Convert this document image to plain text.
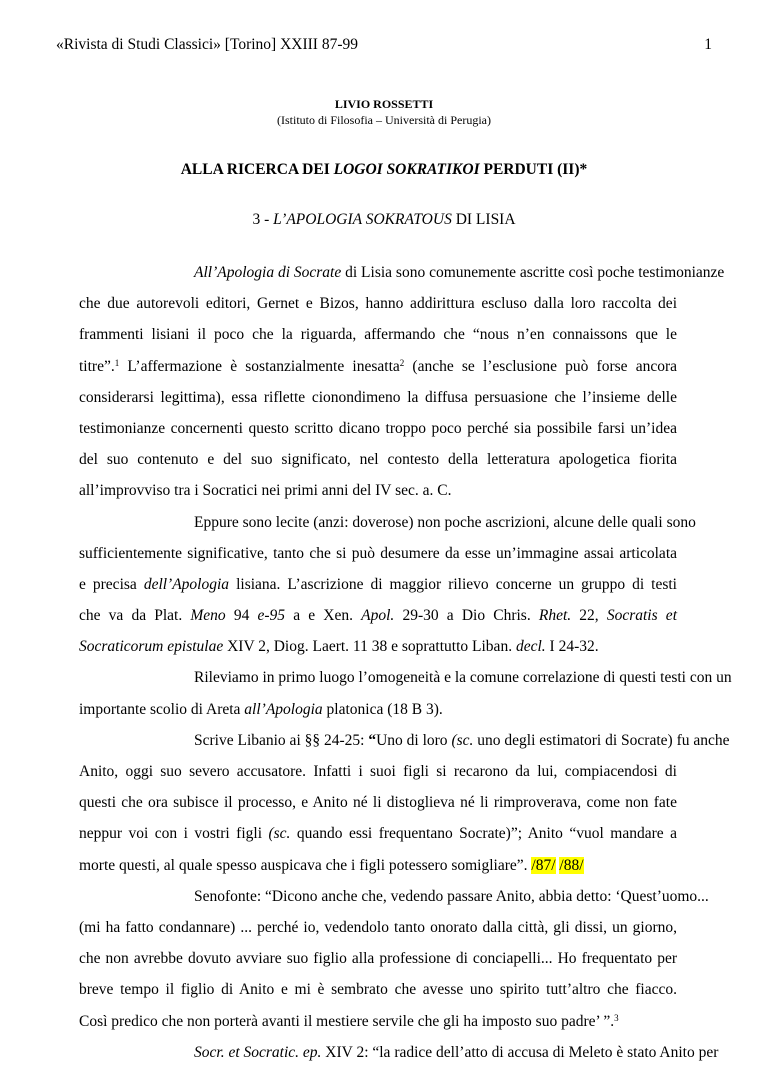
«Rivista di Studi Classici» [Torino] XXIII 87-99	1
LIVIO ROSSETTI
(Istituto di Filosofia – Università di Perugia)
ALLA RICERCA DEI LOGOI SOKRATIKOI PERDUTI (II)*
3 - L’APOLOGIA SOKRATOUS DI LISIA
All’Apologia di Socrate di Lisia sono comunemente ascritte così poche testimonianze
che due autorevoli editori, Gernet e Bizos, hanno addirittura escluso dalla loro raccolta dei
frammenti lisiani il poco che la riguarda, affermando che “nous n’en connaissons que le
titre”.$^1$ L’affermazione è sostanzialmente inesatta$^2$ (anche se l’esclusione può forse ancora
considerarsi legittima), essa riflette cionondimeno la diffusa persuasione che l’insieme delle
testimonianze concernenti questo scritto dicano troppo poco perché sia possibile farsi un’idea
del suo contenuto e del suo significato, nel contesto della letteratura apologetica fiorita
all’improvviso tra i Socratici nei primi anni del IV sec. a. C.
Eppure sono lecite (anzi: doverose) non poche ascrizioni, alcune delle quali sono
sufficientemente significative, tanto che si può desumere da esse un’immagine assai articolata
e precisa dell’Apologia lisiana. L’ascrizione di maggior rilievo concerne un gruppo di testi
che va da Plat. Meno 94 e-95 a e Xen. Apol. 29-30 a Dio Chris. Rhet. 22, Socratis et
Socraticorum epistulae XIV 2, Diog. Laert. 11 38 e soprattutto Liban. decl. I 24-32.
Rileviamo in primo luogo l’omogeneità e la comune correlazione di questi testi con un
importante scolio di Areta all’Apologia platonica (18 B 3).
Scrive Libanio ai §§ 24-25: “Uno di loro (sc. uno degli estimatori di Socrate) fu anche
Anito, oggi suo severo accusatore. Infatti i suoi figli si recarono da lui, compiacendosi di
questi che ora subisce il processo, e Anito né li distoglieva né li rimproverava, come non fate
neppur voi con i vostri figli (sc. quando essi frequentano Socrate)”; Anito “vuol mandare a
morte questi, al quale spesso auspicava che i figli potessero somigliare”. /87/ /88/
Senofonte: “Dicono anche che, vedendo passare Anito, abbia detto: ‘Quest’uomo...
(mi ha fatto condannare) ... perché io, vedendolo tanto onorato dalla città, gli dissi, un giorno,
che non avrebbe dovuto avviare suo figlio alla professione di conciapelli... Ho frequentato per
breve tempo il figlio di Anito e mi è sembrato che avesse uno spirito tutt’altro che fiacco.
Così predico che non porterà avanti il mestiere servile che gli ha imposto suo padre’ ”.$^3$
Socr. et Socratic. ep. XIV 2: “la radice dell’atto di accusa di Meleto è stato Anito per
